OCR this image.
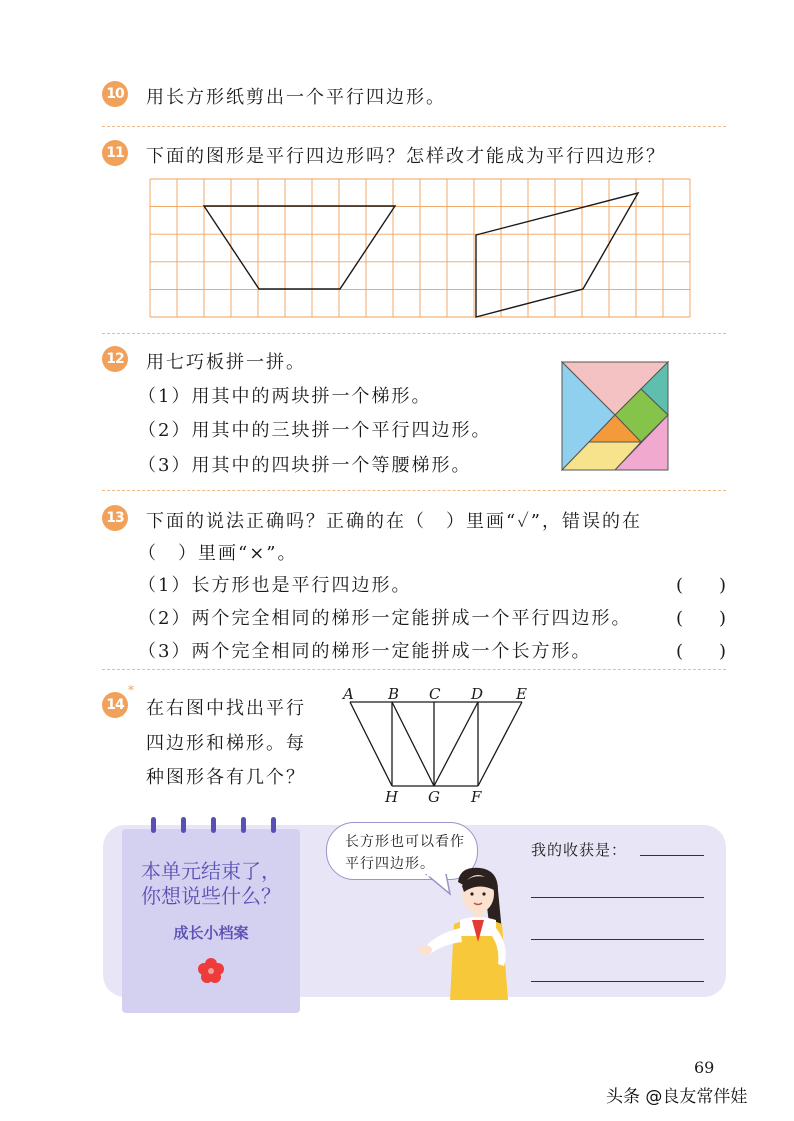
10 用长方形纸剪出一个平行四边形。
11 下面的图形是平行四边形吗？怎样改才能成为平行四边形？
A B C D E
H G F
12 用七巧板拼一拼。
（1）用其中的两块拼一个梯形。
（2）用其中的三块拼一个平行四边形。
（3）用其中的四块拼一个等腰梯形。
13 下面的说法正确吗？正确的在（　）里画“✓”，错误的在
（　）里画“×”。
（1）长方形也是平行四边形。
（2）两个完全相同的梯形一定能拼成一个平行四边形。
（3）两个完全相同的梯形一定能拼成一个长方形。
(　　)
(　　)
(　　)
14
*
在右图中找出平行
四边形和梯形。每
种图形各有几个？
本单元结束了，
你想说些什么？
成长小档案
长方形也可以看作
平行四边形。
我的收获是：
69
头条 @良友常伴娃
